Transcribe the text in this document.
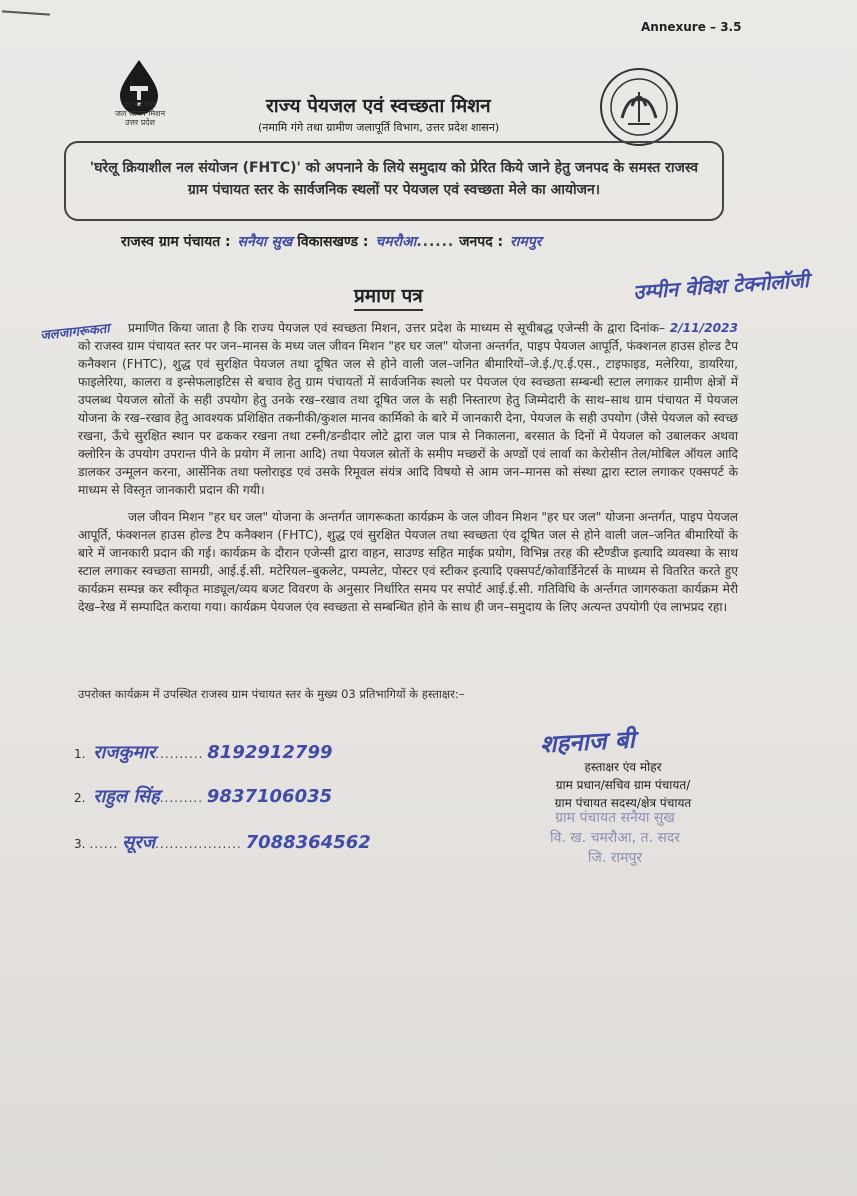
Annexure – 3.5
हर घर जल
जल जीवन मिशन
उत्तर प्रदेश
राज्य पेयजल एवं स्वच्छता मिशन
(नमामि गंगे तथा ग्रामीण जलापूर्ति विभाग, उत्तर प्रदेश शासन)
'घरेलू क्रियाशील नल संयोजन (FHTC)' को अपनाने के लिये समुदाय को प्रेरित किये जाने हेतु जनपद के समस्त राजस्व ग्राम पंचायत स्तर के सार्वजनिक स्थलों पर पेयजल एवं स्वच्छता मेले का आयोजन।
राजस्व ग्राम पंचायत : सनैया सुख विकासखण्ड : चमरौआ...... जनपद : रामपुर
प्रमाण पत्र	उम्पीन वेविश टेक्नोलॉजी
जलजागरूकता	प्रमाणित किया जाता है कि राज्य पेयजल एवं स्वच्छता मिशन, उत्तर प्रदेश के माध्यम से सूचीबद्ध एजेन्सी के द्वारा दिनांक– 2/11/2023 को राजस्व ग्राम पंचायत स्तर पर जन–मानस के मध्य जल जीवन मिशन "हर घर जल" योजना अन्तर्गत, पाइप पेयजल आपूर्ति, फंक्शनल हाउस होल्ड टैप कनैक्शन (FHTC), शुद्ध एवं सुरक्षित पेयजल तथा दूषित जल से होने वाली जल–जनित बीमारियों–जे.ई./ए.ई.एस., टाइफाइड, मलेरिया, डायरिया, फाइलेरिया, कालरा व इन्सेफलाइटिस से बचाव हेतु ग्राम पंचायतों में सार्वजनिक स्थलो पर पेयजल एंव स्वच्छता सम्बन्धी स्टाल लगाकर ग्रामीण क्षेत्रों में उपलब्ध पेयजल स्रोतों के सही उपयोग हेतु उनके रख–रखाव तथा दूषित जल के सही निस्तारण हेतु जिम्मेदारी के साथ–साथ ग्राम पंचायत में पेयजल योजना के रख–रखाव हेतु आवश्यक प्रशिक्षित तकनीकी/कुशल मानव कार्मिको के बारे में जानकारी देना, पेयजल के सही उपयोग (जैसे पेयजल को स्वच्छ रखना, ऊँचे सुरक्षित स्थान पर ढककर रखना तथा टस्नी/डन्डीदार लोटे द्वारा जल पात्र से निकालना, बरसात के दिनों में पेयजल को उबालकर अथवा क्लोरिन के उपयोग उपरान्त पीने के प्रयोग में लाना आदि) तथा पेयजल स्रोतों के समीप मच्छरों के अण्डों एवं लार्वा का केरोसीन तेल/मोबिल ऑयल आदि डालकर उन्मूलन करना, आर्सेनिक तथा फ्लोराइड एवं उसके रिमूवल संयंत्र आदि विषयो से आम जन–मानस को संस्था द्वारा स्टाल लगाकर एक्सपर्ट के माध्यम से विस्तृत जानकारी प्रदान की गयी।
जल जीवन मिशन "हर घर जल" योजना के अन्तर्गत जागरूकता कार्यक्रम के जल जीवन मिशन "हर घर जल" योजना अन्तर्गत, पाइप पेयजल आपूर्ति, फंक्शनल हाउस होल्ड टैप कनैक्शन (FHTC), शुद्ध एवं सुरक्षित पेयजल तथा स्वच्छता एंव दूषित जल से होने वाली जल–जनित बीमारियों के बारे में जानकारी प्रदान की गई। कार्यक्रम के दौरान एजेन्सी द्वारा वाहन, साउण्ड सहित माईक प्रयोग, विभिन्न तरह की स्टैण्डीज इत्यादि व्यवस्था के साथ स्टाल लगाकर स्वच्छता सामग्री, आई.ई.सी. मटेरियल–बुकलेट, पम्पलेट, पोस्टर एवं स्टीकर इत्यादि एक्सपर्ट/कोवार्डिनेटर्स के माध्यम से वितरित करते हुए कार्यक्रम सम्पन्न कर स्वीकृत माड्यूल/व्यय बजट विवरण के अनुसार निर्धारित समय पर सपोर्ट आई.ई.सी. गतिविधि के अर्न्तगत जागरुकता कार्यक्रम मेरी देख–रेख में सम्पादित कराया गया। कार्यक्रम पेयजल एंव स्वच्छता से सम्बन्धित होने के साथ ही जन–समुदाय के लिए अत्यन्त उपयोगी एंव लाभप्रद रहा।
उपरोक्त कार्यक्रम में उपस्थित राजस्व ग्राम पंचायत स्तर के मुख्य 03 प्रतिभागियों के हस्ताक्षर:–
1. राजकुमार.......... 8192912799
2. राहुल सिंह......... 9837106035
3. ...... सूरज.................. 7088364562
शहनाज बी
हस्ताक्षर एंव मोहर
ग्राम प्रधान/सचिव ग्राम पंचायत/
ग्राम पंचायत सदस्य/क्षेत्र पंचायत
ग्राम पंचायत सनैया सुख
वि. ख. चमरौआ, त. सदर
जि. रामपुर
